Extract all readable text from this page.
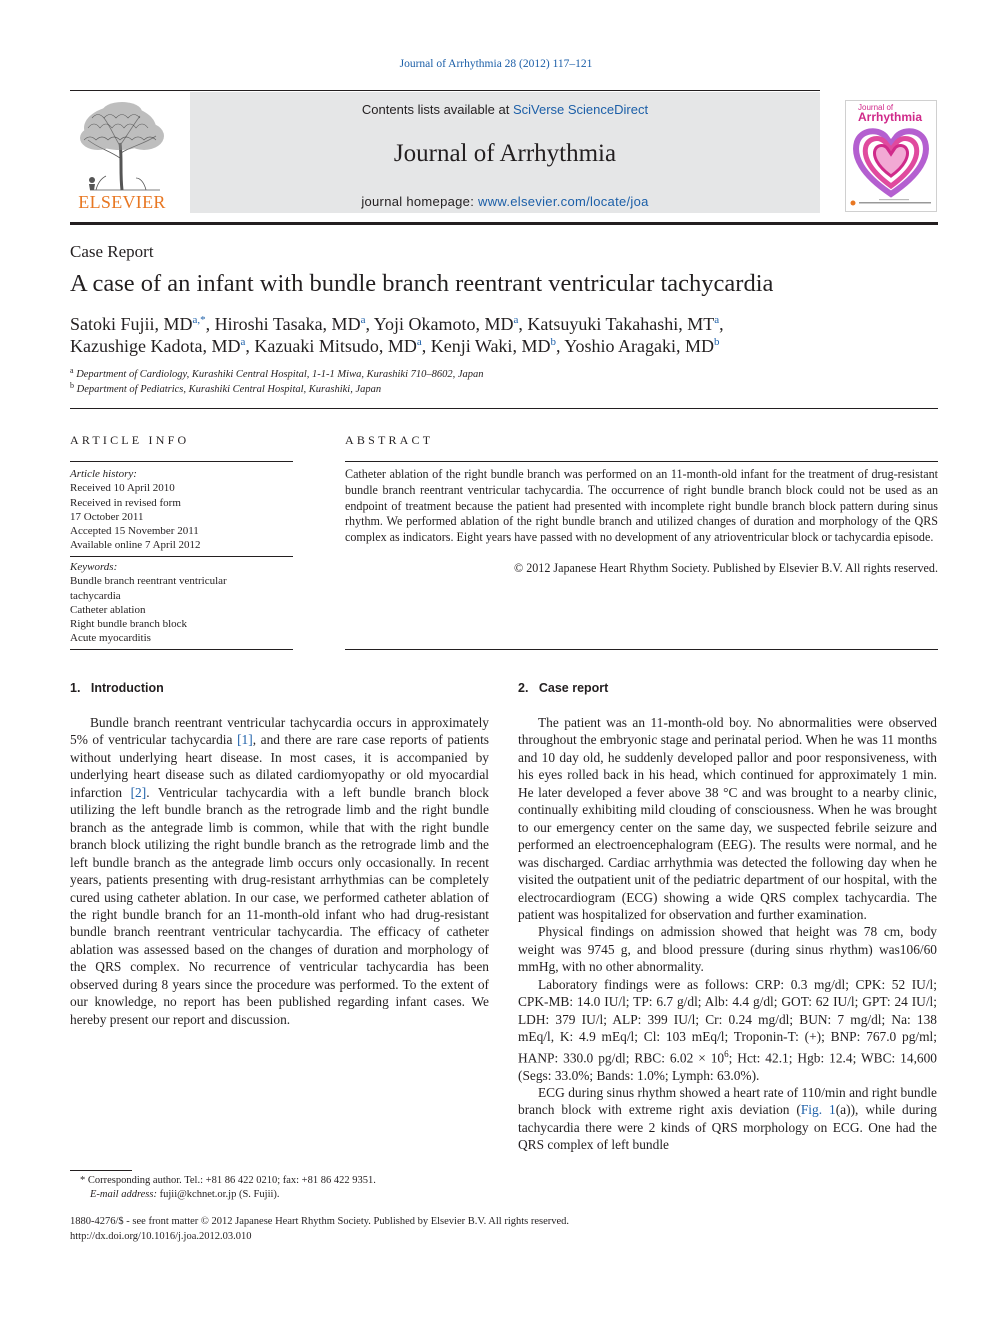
Journal of Arrhythmia 28 (2012) 117–121
ELSEVIER
Contents lists available at SciVerse ScienceDirect
Journal of Arrhythmia
journal homepage: www.elsevier.com/locate/joa
Journal of
Arrhythmia
Case Report
A case of an infant with bundle branch reentrant ventricular tachycardia
Satoki Fujii, $MD^{a,*}$, Hiroshi Tasaka, $MD^a$, Yoji Okamoto, $MD^a$, Katsuyuki Takahashi, $MT^a$,
Kazushige Kadota, $MD^a$, Kazuaki Mitsudo, $MD^a$, Kenji Waki, $MD^b$, Yoshio Aragaki, $MD^b$
$^a$ Department of Cardiology, Kurashiki Central Hospital, 1-1-1 Miwa, Kurashiki 710–8602, Japan
$^b$ Department of Pediatrics, Kurashiki Central Hospital, Kurashiki, Japan
ARTICLE INFO	ABSTRACT
Article history:
Received 10 April 2010
Received in revised form
17 October 2011
Accepted 15 November 2011
Available online 7 April 2012
Keywords:
Bundle branch reentrant ventricular
tachycardia
Catheter ablation
Right bundle branch block
Acute myocarditis
Catheter ablation of the right bundle branch was performed on an 11-month-old infant for the treatment of drug-resistant bundle branch reentrant ventricular tachycardia. The occurrence of right bundle branch block could not be used as an endpoint of treatment because the patient had presented with incomplete right bundle branch block pattern during sinus rhythm. We performed ablation of the right bundle branch and utilized changes of duration and morphology of the QRS complex as indicators. Eight years have passed with no development of any atrioventricular block or tachycardia episode.
© 2012 Japanese Heart Rhythm Society. Published by Elsevier B.V. All rights reserved.
1.   Introduction	2.   Case report

Bundle branch reentrant ventricular tachycardia occurs in approximately 5% of ventricular tachycardia [1], and there are rare case reports of patients without underlying heart disease. In most cases, it is accompanied by underlying heart disease such as dilated cardiomyopathy or old myocardial infarction [2]. Ventricular tachycardia with a left bundle branch block utilizing the left bundle branch as the retrograde limb and the right bundle branch as the antegrade limb is common, while that with the right bundle branch block utilizing the right bundle branch as the retrograde limb and the left bundle branch as the antegrade limb occurs only occasionally. In recent years, patients presenting with drug-resistant arrhythmias can be completely cured using catheter ablation. In our case, we performed catheter ablation of the right bundle branch for an 11-month-old infant who had drug-resistant bundle branch reentrant ventricular tachycardia. The efficacy of catheter ablation was assessed based on the changes of duration and morphology of the QRS complex. No recurrence of ventricular tachycardia has been observed during 8 years since the procedure was performed. To the extent of our knowledge, no report has been published regarding infant cases. We hereby present our report and discussion.

The patient was an 11-month-old boy. No abnormalities were observed throughout the embryonic stage and perinatal period. When he was 11 months and 10 day old, he suddenly developed pallor and poor responsiveness, with his eyes rolled back in his head, which continued for approximately 1 min. He later developed a fever above 38 °C and was brought to a nearby clinic, continually exhibiting mild clouding of consciousness. When he was brought to our emergency center on the same day, we suspected febrile seizure and performed an electroencephalogram (EEG). The results were normal, and he was discharged. Cardiac arrhythmia was detected the following day when he visited the outpatient unit of the pediatric department of our hospital, with the electrocardiogram (ECG) showing a wide QRS complex tachycardia. The patient was hospitalized for observation and further examination.

Physical findings on admission showed that height was 78 cm, body weight was 9745 g, and blood pressure (during sinus rhythm) was106/60 mmHg, with no other abnormality.

Laboratory findings were as follows: CRP: 0.3 mg/dl; CPK: 52 IU/l; CPK-MB: 14.0 IU/l; TP: 6.7 g/dl; Alb: 4.4 g/dl; GOT: 62 IU/l; GPT: 24 IU/l; LDH: 379 IU/l; ALP: 399 IU/l; Cr: 0.24 mg/dl; BUN: 7 mg/dl; Na: 138 mEq/l, K: 4.9 mEq/l; Cl: 103 mEq/l; Troponin-T: (+); BNP: 767.0 pg/ml; HANP: 330.0 pg/dl; RBC: $6.02 \times 10^6$; Hct: 42.1; Hgb: 12.4; WBC: 14,600 (Segs: 33.0%; Bands: 1.0%; Lymph: 63.0%).

ECG during sinus rhythm showed a heart rate of 110/min and right bundle branch block with extreme right axis deviation (Fig. 1(a)), while during tachycardia there were 2 kinds of QRS morphology on ECG. One had the QRS complex of left bundle

* Corresponding author. Tel.: +81 86 422 0210; fax: +81 86 422 9351.
E-mail address: fujii@kchnet.or.jp (S. Fujii).
1880-4276/$ - see front matter © 2012 Japanese Heart Rhythm Society. Published by Elsevier B.V. All rights reserved.
http://dx.doi.org/10.1016/j.joa.2012.03.010
